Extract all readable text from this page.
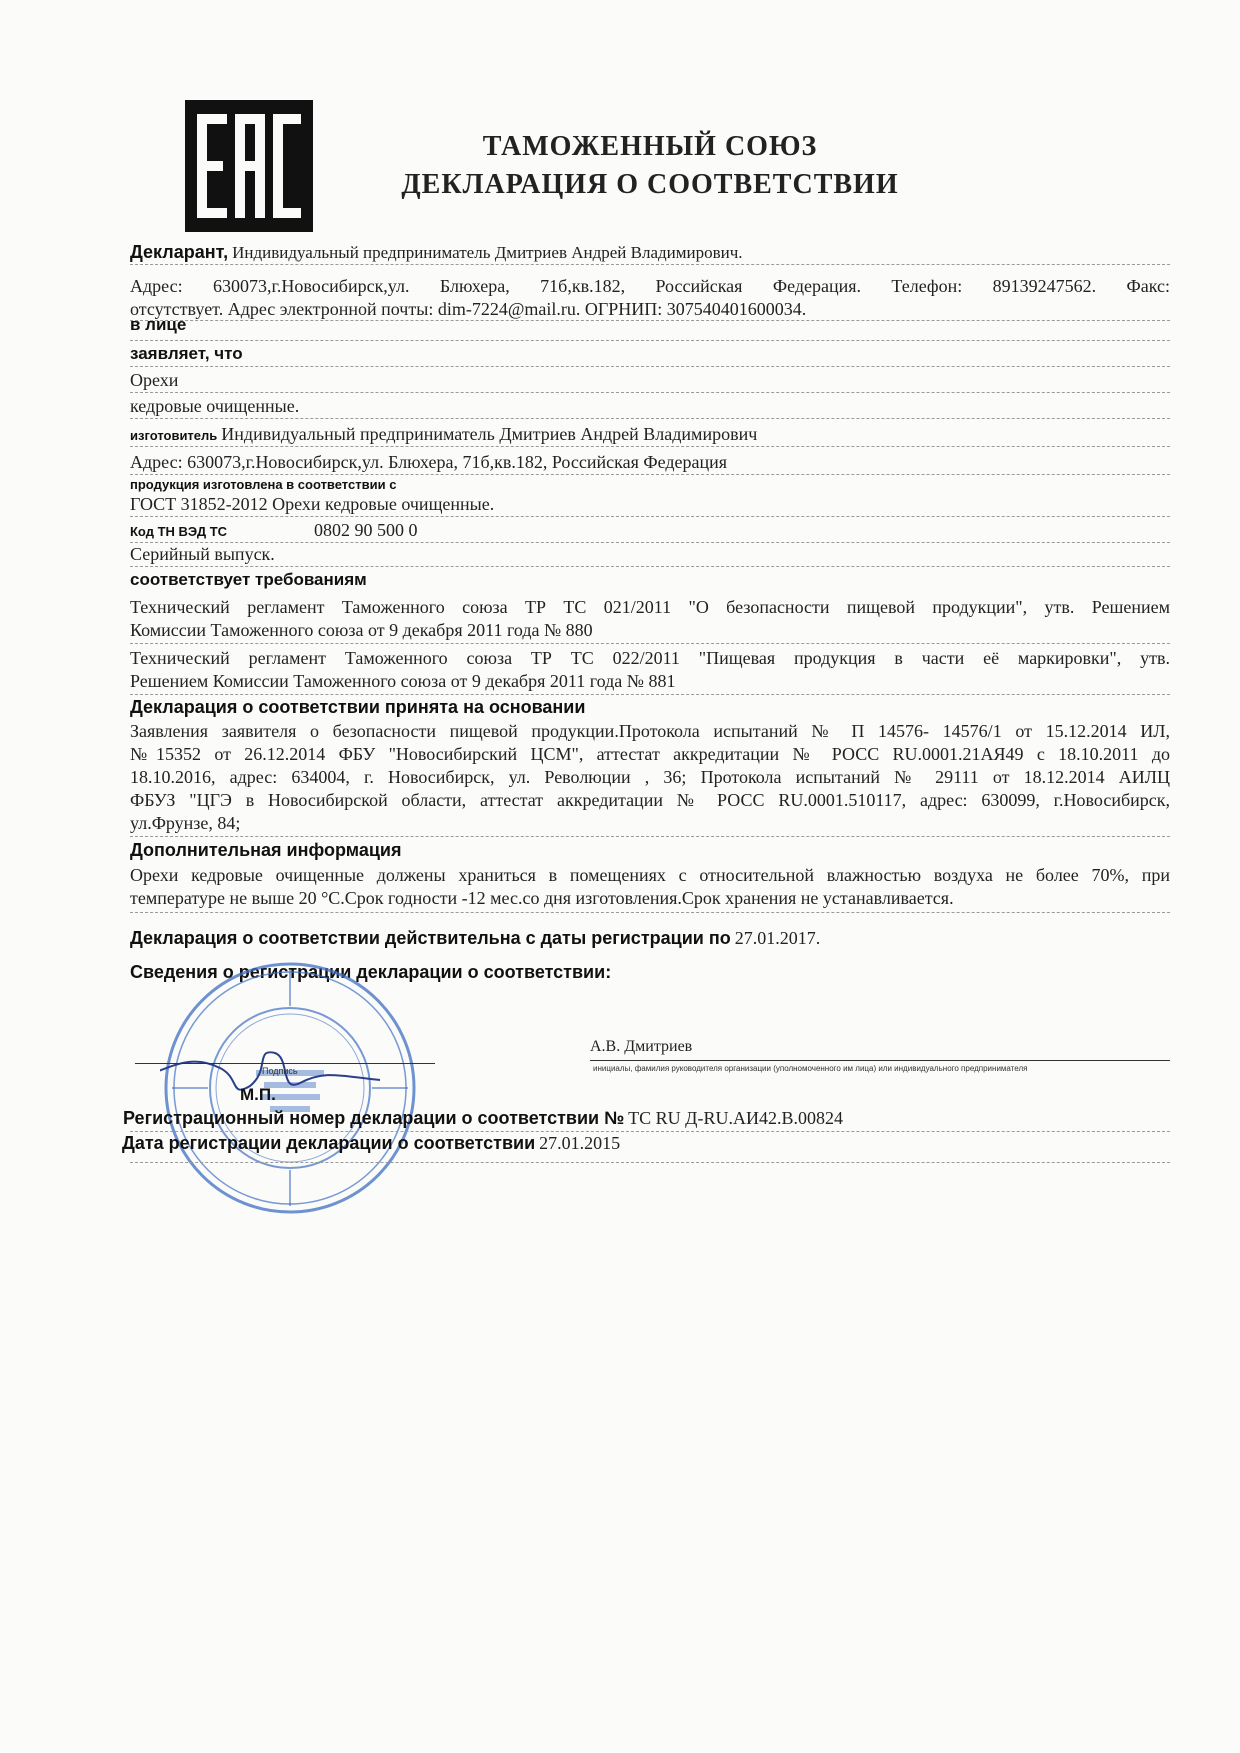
ТАМОЖЕННЫЙ СОЮЗ
ДЕКЛАРАЦИЯ О СООТВЕТСТВИИ
Декларант, Индивидуальный предприниматель Дмитриев Андрей Владимирович.
Адрес: 630073,г.Новосибирск,ул. Блюхера, 71б,кв.182, Российская Федерация. Телефон: 89139247562. Факс:
отсутствует. Адрес электронной почты: dim-7224@mail.ru. ОГРНИП: 307540401600034.
в лице
заявляет, что
Орехи
кедровые очищенные.
изготовитель Индивидуальный предприниматель Дмитриев Андрей Владимирович
Адрес: 630073,г.Новосибирск,ул. Блюхера, 71б,кв.182, Российская Федерация
продукция изготовлена в соответствии с
ГОСТ 31852-2012 Орехи кедровые очищенные.
Код ТН ВЭД ТС	0802 90 500 0
Серийный выпуск.
соответствует требованиям
Технический регламент Таможенного союза ТР ТС 021/2011 "О безопасности пищевой продукции", утв. Решением
Комиссии Таможенного союза от 9 декабря 2011 года № 880
Технический регламент Таможенного союза ТР ТС 022/2011 "Пищевая продукция в части её маркировки", утв.
Решением Комиссии Таможенного союза от 9 декабря 2011 года № 881
Декларация о соответствии принята на основании
Заявления заявителя о безопасности пищевой продукции.Протокола испытаний № П 14576- 14576/1 от 15.12.2014 ИЛ,
№15352 от 26.12.2014 ФБУ "Новосибирский ЦСМ", аттестат аккредитации № РОСС RU.0001.21АЯ49 с 18.10.2011 до
18.10.2016, адрес: 634004, г. Новосибирск, ул. Революции , 36; Протокола испытаний № 29111 от 18.12.2014 АИЛЦ
ФБУЗ "ЦГЭ в Новосибирской области, аттестат аккредитации № РОСС RU.0001.510117, адрес: 630099, г.Новосибирск,
ул.Фрунзе, 84;
Дополнительная информация
Орехи кедровые очищенные должены храниться в помещениях с относительной влажностью воздуха не более 70%, при
температуре не выше 20 °С.Срок годности -12 мес.со дня изготовления.Срок хранения не устанавливается.
Декларация о соответствии действительна с даты регистрации по 27.01.2017.
Сведения о регистрации декларации о соответствии:
Подпись
М.П.
А.В. Дмитриев
инициалы, фамилия руководителя организации (уполномоченного им лица) или индивидуального предпринимателя
Регистрационный номер декларации о соответствии № ТС RU Д-RU.АИ42.В.00824
Дата регистрации декларации о соответствии 27.01.2015
